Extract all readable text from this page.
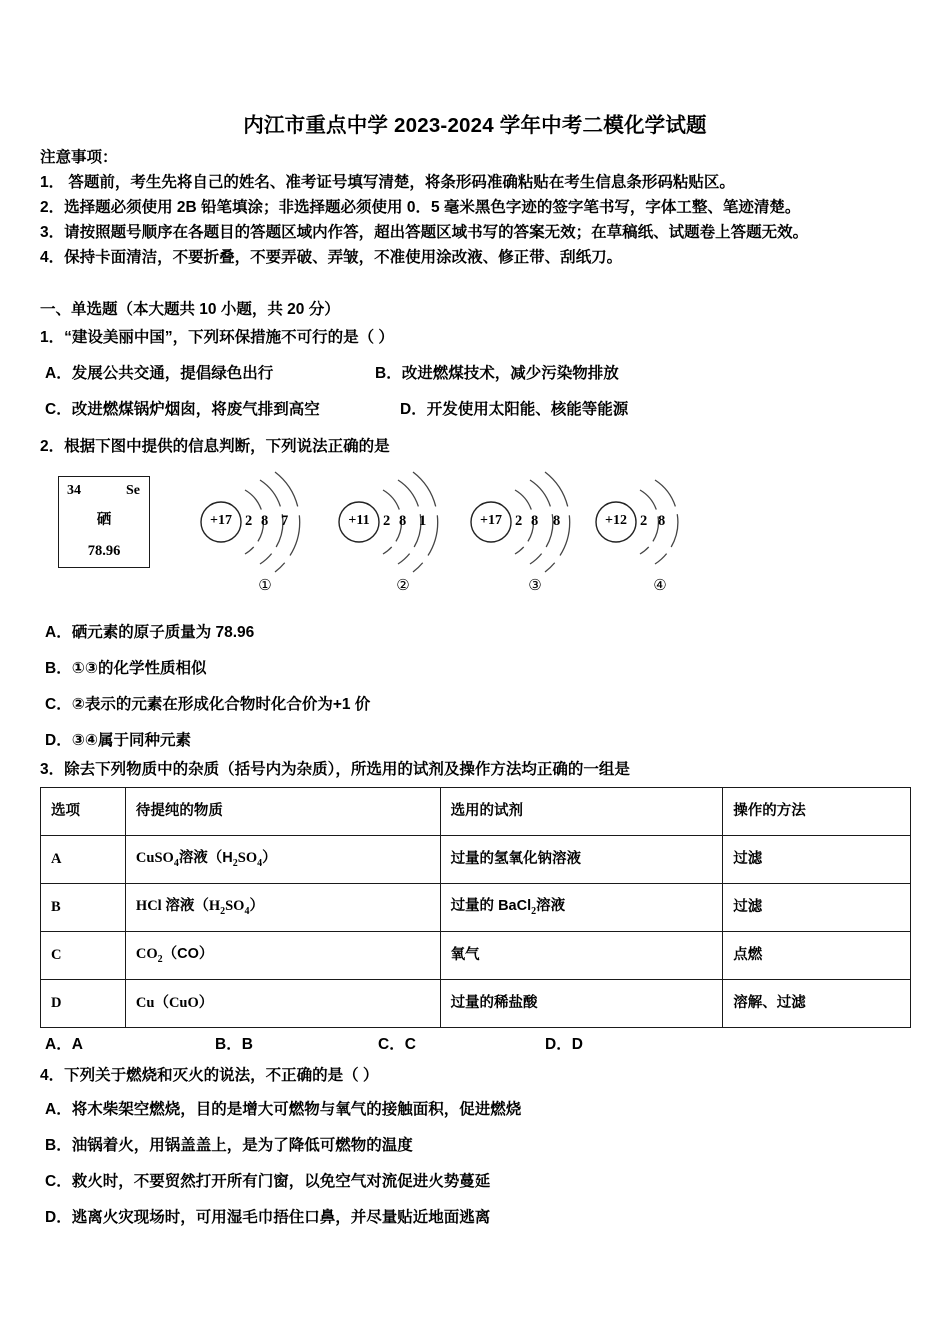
内江市重点中学 2023-2024 学年中考二模化学试题
注意事项：
1． 答题前，考生先将自己的姓名、准考证号填写清楚，将条形码准确粘贴在考生信息条形码粘贴区。
2．选择题必须使用 2B 铅笔填涂；非选择题必须使用 0．5 毫米黑色字迹的签字笔书写，字体工整、笔迹清楚。
3．请按照题号顺序在各题目的答题区域内作答，超出答题区域书写的答案无效；在草稿纸、试题卷上答题无效。
4．保持卡面清洁，不要折叠，不要弄破、弄皱，不准使用涂改液、修正带、刮纸刀。
一、单选题（本大题共 10 小题，共 20 分）
1．“建设美丽中国”，下列环保措施不可行的是（ ）
A．发展公共交通，提倡绿色出行	B．改进燃煤技术，减少污染物排放
C．改进燃煤锅炉烟囱，将废气排到高空	D．开发使用太阳能、核能等能源
2．根据下图中提供的信息判断，下列说法正确的是
34	Se
硒
78.96
+17 2 8 7
①
+11 2 8 1
②
+17 2 8 8
③
+12 2 8
④
A．硒元素的原子质量为 78.96
B．①③的化学性质相似
C．②表示的元素在形成化合物时化合价为+1 价
D．③④属于同种元素
3．除去下列物质中的杂质（括号内为杂质），所选用的试剂及操作方法均正确的一组是
选项	待提纯的物质	选用的试剂	操作的方法
A	CuSO$_4$溶液$(H_2SO_4)$	过量的氢氧化钠溶液	过滤
B	HCl 溶液$(H_2SO_4)$	过量的 BaCl$_2$溶液	过滤
C	$CO_2(CO)$	氧气	点燃
D	Cu（CuO）	过量的稀盐酸	溶解、过滤
A．A	B．B	C．C	D．D
4．下列关于燃烧和灭火的说法，不正确的是（ ）
A．将木柴架空燃烧，目的是增大可燃物与氧气的接触面积，促进燃烧
B．油锅着火，用锅盖盖上，是为了降低可燃物的温度
C．救火时，不要贸然打开所有门窗，以免空气对流促进火势蔓延
D．逃离火灾现场时，可用湿毛巾捂住口鼻，并尽量贴近地面逃离
